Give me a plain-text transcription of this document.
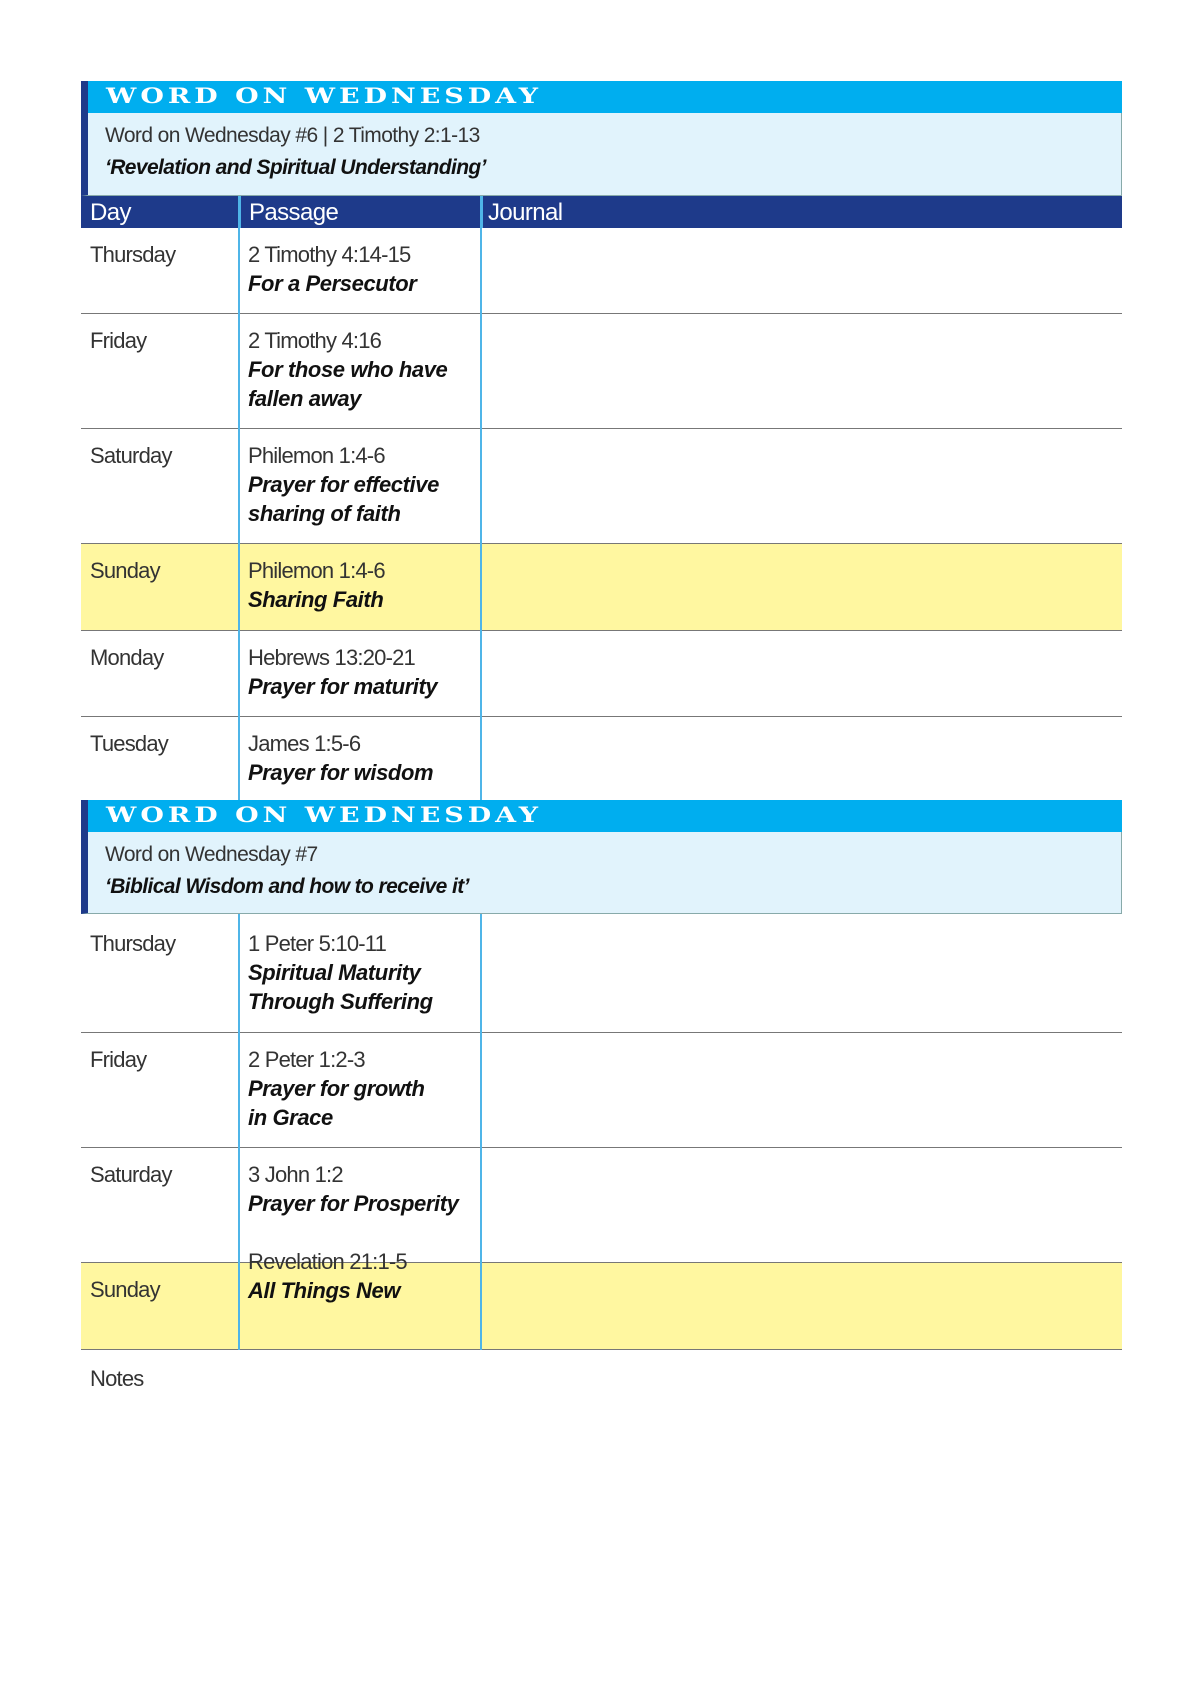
WORD ON WEDNESDAY
Word on Wednesday #6 | 2 Timothy 2:1-13
‘Revelation and Spiritual Understanding’
Day	Passage	Journal
Thursday	2 Timothy 4:14-15
For a Persecutor
Friday	2 Timothy 4:16
For those who have fallen away
Saturday	Philemon 1:4-6
Prayer for effective sharing of faith
Sunday	Philemon 1:4-6
Sharing Faith
Monday	Hebrews 13:20-21
Prayer for maturity
Tuesday	James 1:5-6
Prayer for wisdom
WORD ON WEDNESDAY
Word on Wednesday #7
‘Biblical Wisdom and how to receive it’
Thursday	1 Peter 5:10-11
Spiritual Maturity Through Suffering
Friday	2 Peter 1:2-3
Prayer for growth in Grace
Saturday	3 John 1:2
Prayer for Prosperity
Sunday
Revelation 21:1-5
All Things New
Notes
